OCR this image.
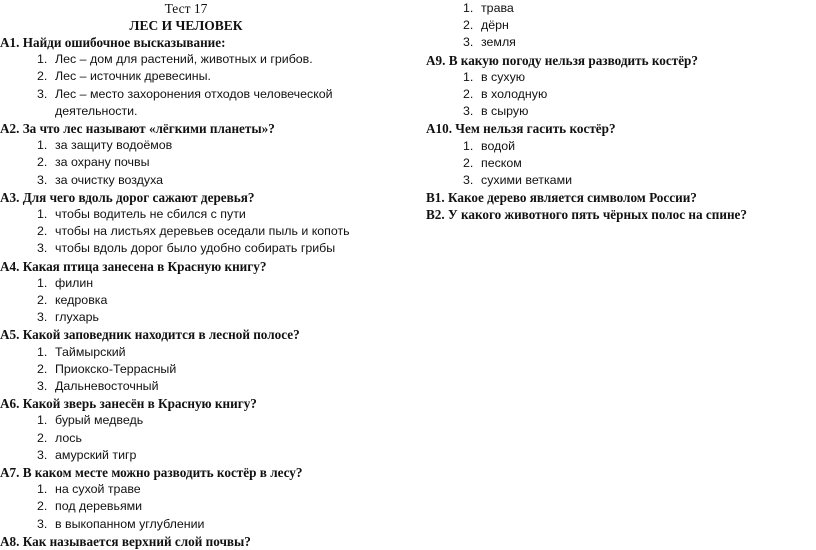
Тест 17
ЛЕС И ЧЕЛОВЕК
А1. Найди ошибочное высказывание:
1. Лес – дом для растений, животных и грибов.
2. Лес – источник древесины.
3. Лес – место захоронения отходов человеческой деятельности.
А2. За что лес называют «лёгкими планеты»?
1. за защиту водоёмов
2. за охрану почвы
3. за очистку воздуха
А3. Для чего вдоль дорог сажают деревья?
1. чтобы водитель не сбился с пути
2. чтобы на листьях деревьев оседали пыль и копоть
3. чтобы вдоль дорог было удобно собирать грибы
А4. Какая птица занесена в Красную книгу?
1. филин
2. кедровка
3. глухарь
А5. Какой заповедник находится в лесной полосе?
1. Таймырский
2. Приокско-Террасный
3. Дальневосточный
А6. Какой зверь занесён в Красную книгу?
1. бурый медведь
2. лось
3. амурский тигр
А7. В каком месте можно разводить костёр в лесу?
1. на сухой траве
2. под деревьями
3. в выкопанном углублении
А8. Как называется верхний слой почвы?
1. трава
2. дёрн
3. земля
А9. В какую погоду нельзя разводить костёр?
1. в сухую
2. в холодную
3. в сырую
А10. Чем нельзя гасить костёр?
1. водой
2. песком
3. сухими ветками
В1. Какое дерево является символом России?
В2. У какого животного пять чёрных полос на спине?
